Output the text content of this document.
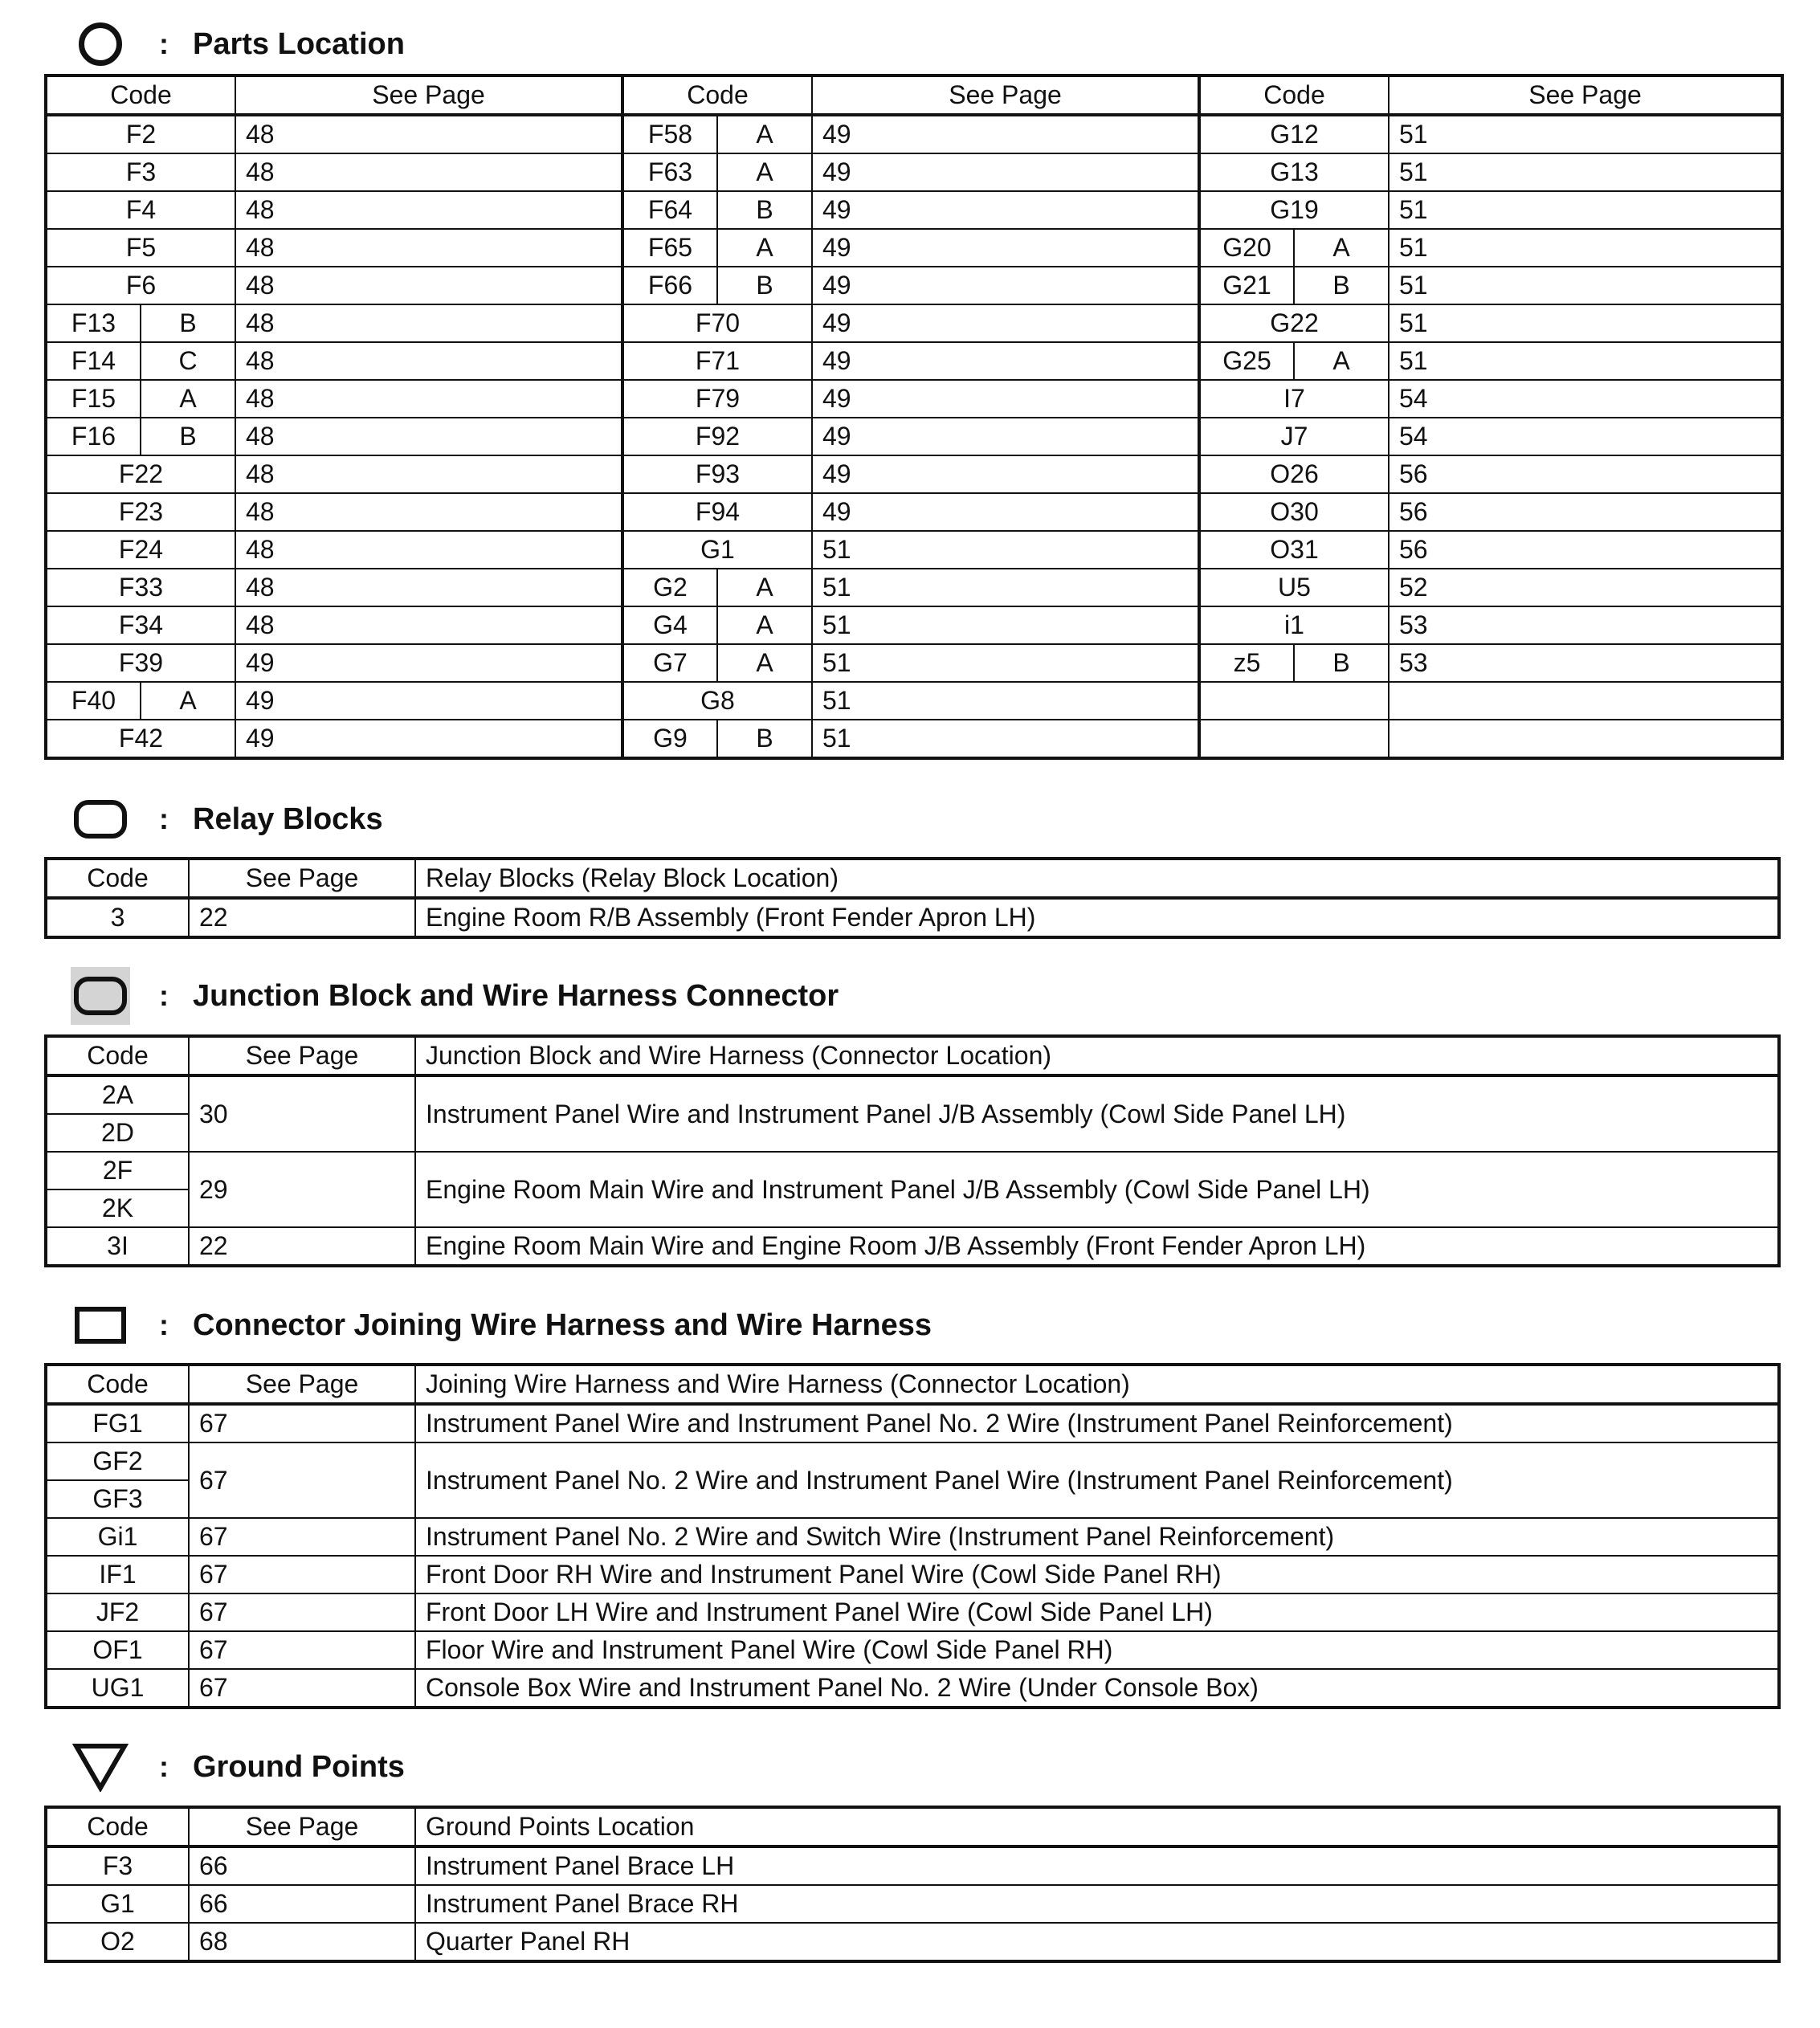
: Parts Location
Code		See Page	Code		See Page	Code		See Page
F2		48	F58	A	49	G12		51
F3		48	F63	A	49	G13		51
F4		48	F64	B	49	G19		51
F5		48	F65	A	49	G20	A	51
F6		48	F66	B	49	G21	B	51
F13	B	48	F70		49	G22		51
F14	C	48	F71		49	G25	A	51
F15	A	48	F79		49	I7		54
F16	B	48	F92		49	J7		54
F22		48	F93		49	O26		56
F23		48	F94		49	O30		56
F24		48	G1		51	O31		56
F33		48	G2	A	51	U5		52
F34		48	G4	A	51	i1		53
F39		49	G7	A	51	z5	B	53
F40	A	49	G8		51			
F42		49	G9	B	51			
: Relay Blocks
Code	See Page	Relay Blocks (Relay Block Location)
3	22	Engine Room R/B Assembly (Front Fender Apron LH)
: Junction Block and Wire Harness Connector
Code	See Page	Junction Block and Wire Harness (Connector Location)
2A	30	Instrument Panel Wire and Instrument Panel J/B Assembly (Cowl Side Panel LH)
2D		
2F	29	Engine Room Main Wire and Instrument Panel J/B Assembly (Cowl Side Panel LH)
2K		
3I	22	Engine Room Main Wire and Engine Room J/B Assembly (Front Fender Apron LH)
: Connector Joining Wire Harness and Wire Harness
Code	See Page	Joining Wire Harness and Wire Harness (Connector Location)
FG1	67	Instrument Panel Wire and Instrument Panel No. 2 Wire (Instrument Panel Reinforcement)
GF2	67	Instrument Panel No. 2 Wire and Instrument Panel Wire (Instrument Panel Reinforcement)
GF3		
Gi1	67	Instrument Panel No. 2 Wire and Switch Wire (Instrument Panel Reinforcement)
IF1	67	Front Door RH Wire and Instrument Panel Wire (Cowl Side Panel RH)
JF2	67	Front Door LH Wire and Instrument Panel Wire (Cowl Side Panel LH)
OF1	67	Floor Wire and Instrument Panel Wire (Cowl Side Panel RH)
UG1	67	Console Box Wire and Instrument Panel No. 2 Wire (Under Console Box)
: Ground Points
Code	See Page	Ground Points Location
F3	66	Instrument Panel Brace LH
G1	66	Instrument Panel Brace RH
O2	68	Quarter Panel RH
